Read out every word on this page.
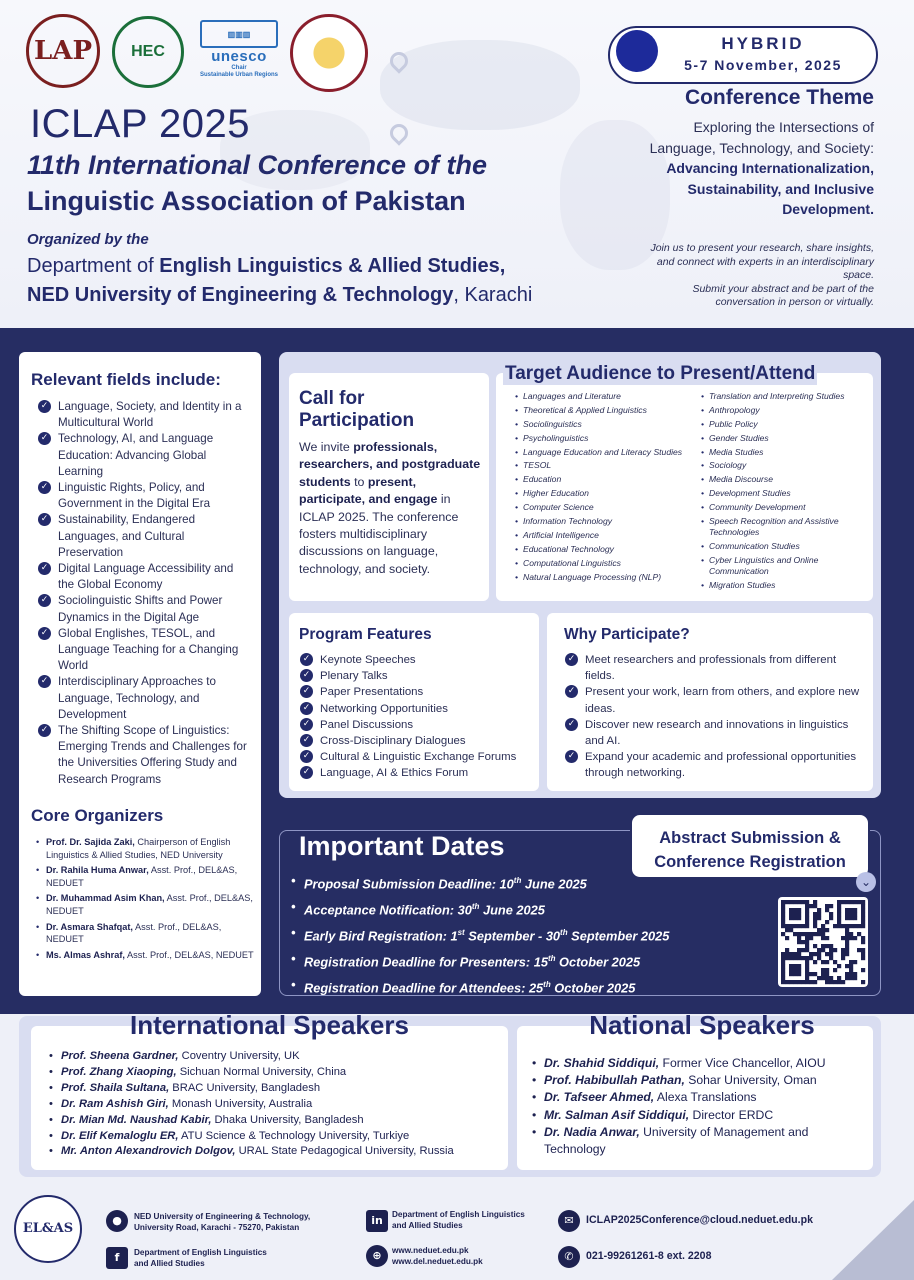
LAP	HEC
▥▥▥
unesco
Chair
Sustainable Urban Regions
ICLAP 2025
11th International Conference of the
Linguistic Association of Pakistan
Organized by the
Department of English Linguistics & Allied Studies,
NED University of Engineering & Technology, Karachi
HYBRID
5-7 November, 2025
Conference Theme
Exploring the Intersections of Language, Technology, and Society: Advancing Internationalization, Sustainability, and Inclusive Development.
Join us to present your research, share insights, and connect with experts in an interdisciplinary space.
Submit your abstract and be part of the conversation in person or virtually.
Relevant fields include:
✓ Language, Society, and Identity in a Multicultural World
✓ Technology, AI, and Language Education: Advancing Global Learning
✓ Linguistic Rights, Policy, and Government in the Digital Era
✓ Sustainability, Endangered Languages, and Cultural Preservation
✓ Digital Language Accessibility and the Global Economy
✓ Sociolinguistic Shifts and Power Dynamics in the Digital Age
✓ Global Englishes, TESOL, and Language Teaching for a Changing World
✓ Interdisciplinary Approaches to Language, Technology, and Development
✓ The Shifting Scope of Linguistics: Emerging Trends and Challenges for the Universities Offering Study and Research Programs
Core Organizers
• Prof. Dr. Sajida Zaki, Chairperson of English Linguistics & Allied Studies, NED University
• Dr. Rahila Huma Anwar, Asst. Prof., DEL&AS, NEDUET
• Dr. Muhammad Asim Khan, Asst. Prof., DEL&AS, NEDUET
• Dr. Asmara Shafqat, Asst. Prof., DEL&AS, NEDUET
• Ms. Almas Ashraf, Asst. Prof., DEL&AS, NEDUET
Call for Participation
We invite professionals, researchers, and postgraduate students to present, participate, and engage in ICLAP 2025. The conference fosters multidisciplinary discussions on language, technology, and society.
Target Audience to Present/Attend
• Languages and Literature
• Theoretical & Applied Linguistics
• Sociolinguistics
• Psycholinguistics
• Language Education and Literacy Studies
• TESOL
• Education
• Higher Education
• Computer Science
• Information Technology
• Artificial Intelligence
• Educational Technology
• Computational Linguistics
• Natural Language Processing (NLP)
• Translation and Interpreting Studies
• Anthropology
• Public Policy
• Gender Studies
• Media Studies
• Sociology
• Media Discourse
• Development Studies
• Community Development
• Speech Recognition and Assistive Technologies
• Communication Studies
• Cyber Linguistics and Online Communication
• Migration Studies
Program Features
✓ Keynote Speeches
✓ Plenary Talks
✓ Paper Presentations
✓ Networking Opportunities
✓ Panel Discussions
✓ Cross-Disciplinary Dialogues
✓ Cultural & Linguistic Exchange Forums
✓ Language, AI & Ethics Forum
Why Participate?
✓ Meet researchers and professionals from different fields.
✓ Present your work, learn from others, and explore new ideas.
✓ Discover new research and innovations in linguistics and AI.
✓ Expand your academic and professional opportunities through networking.
Important Dates
• Proposal Submission Deadline: 10th June 2025
• Acceptance Notification: 30th June 2025
• Early Bird Registration: 1st September - 30th September 2025
• Registration Deadline for Presenters: 15th October 2025
• Registration Deadline for Attendees: 25th October 2025
Abstract Submission &
Conference Registration
⌄
International Speakers	National Speakers
• Prof. Sheena Gardner, Coventry University, UK
• Prof. Zhang Xiaoping, Sichuan Normal University, China
• Prof. Shaila Sultana, BRAC University, Bangladesh
• Dr. Ram Ashish Giri, Monash University, Australia
• Dr. Mian Md. Naushad Kabir, Dhaka University, Bangladesh
• Dr. Elif Kemaloglu ER, ATU Science & Technology University, Turkiye
• Mr. Anton Alexandrovich Dolgov, URAL State Pedagogical University, Russia
• Dr. Shahid Siddiqui, Former Vice Chancellor, AIOU
• Prof. Habibullah Pathan, Sohar University, Oman
• Dr. Tafseer Ahmed, Alexa Translations
• Mr. Salman Asif Siddiqui, Director ERDC
• Dr. Nadia Anwar, University of Management and Technology
EL&AS
●	NED University of Engineering & Technology,
University Road, Karachi - 75270, Pakistan
f	Department of English Linguistics
and Allied Studies
in	Department of English Linguistics
and Allied Studies
⊕	www.neduet.edu.pk
www.del.neduet.edu.pk
✉	ICLAP2025Conference@cloud.neduet.edu.pk
✆	021-99261261-8 ext. 2208
